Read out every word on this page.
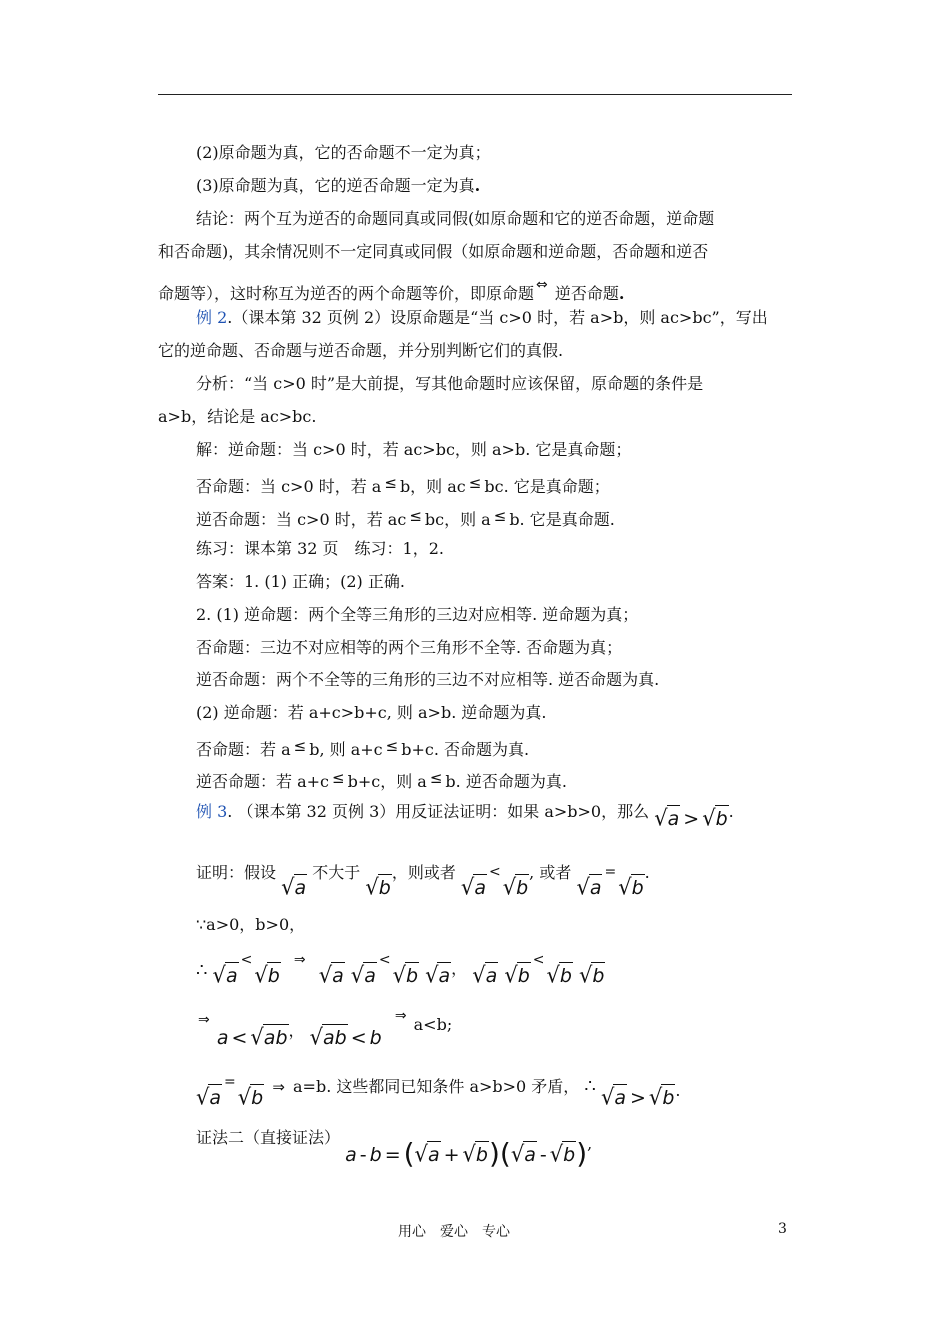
(2)原命题为真，它的否命题不一定为真；
(3)原命题为真，它的逆否命题一定为真.
结论：两个互为逆否的命题同真或同假(如原命题和它的逆否命题，逆命题
和否命题)，其余情况则不一定同真或同假（如原命题和逆命题，否命题和逆否
命题等），这时称互为逆否的两个命题等价，即原命题 ⇔ 逆否命题.
例 2.（课本第 32 页例 2）设原命题是“当 c>0 时，若 a>b，则 ac>bc”，写出
它的逆命题、否命题与逆否命题，并分别判断它们的真假.
分析：“当 c>0 时”是大前提，写其他命题时应该保留，原命题的条件是
a>b，结论是 ac>bc.
解：逆命题：当 c>0 时，若 ac>bc，则 a>b. 它是真命题；
否命题：当 c>0 时，若 a ≤ b，则 ac ≤ bc. 它是真命题；
逆否命题：当 c>0 时，若 ac ≤ bc，则 a ≤ b. 它是真命题.
练习：课本第 32 页　练习：1，2.
答案：1. (1) 正确；(2) 正确.
2. (1) 逆命题：两个全等三角形的三边对应相等. 逆命题为真；
否命题：三边不对应相等的两个三角形不全等. 否命题为真；
逆否命题：两个不全等的三角形的三边不对应相等. 逆否命题为真.
(2) 逆命题：若 a+c>b+c, 则 a>b. 逆命题为真.
否命题：若 a ≤ b, 则 a+c ≤ b+c. 否命题为真.
逆否命题：若 a+c ≤ b+c，则 a ≤ b. 逆否命题为真.
例 3. （课本第 32 页例 3）用反证法证明：如果 a>b>0，那么 √a > √b.
证明：假设 √a 不大于 √b，则或者 √a<√b, 或者 √a=√b.
∵a>0，b>0，
∴ √a<√b ⇒ √a √a<√b √a， √a √b<√b √b
⇒ a < √ab， √ab < b ⇒ a<b;
√a=√b ⇒ a=b. 这些都同已知条件 a>b>0 矛盾， ∴ √a > √b.
证法二（直接证法） a - b = (√a + √b)(√a - √b),
用心　爱心　专心	3
